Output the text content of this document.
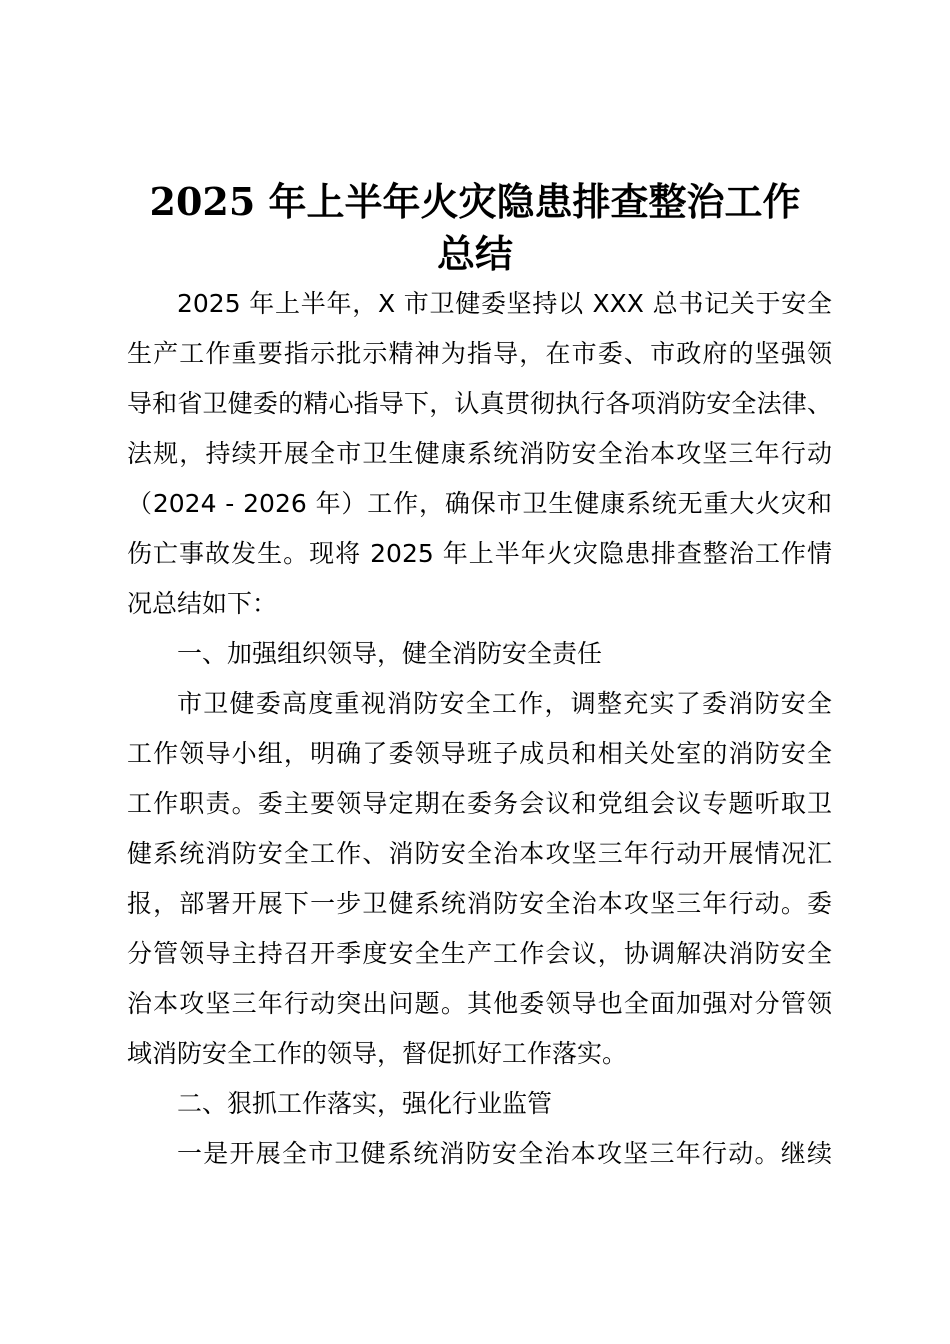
2025 年上半年火灾隐患排查整治工作
总结
2025 年上半年，X 市卫健委坚持以 XXX 总书记关于安全
生产工作重要指示批示精神为指导，在市委、市政府的坚强领
导和省卫健委的精心指导下，认真贯彻执行各项消防安全法律、
法规，持续开展全市卫生健康系统消防安全治本攻坚三年行动
（2024 - 2026 年）工作，确保市卫生健康系统无重大火灾和
伤亡事故发生。现将 2025 年上半年火灾隐患排查整治工作情
况总结如下：
一、加强组织领导，健全消防安全责任
市卫健委高度重视消防安全工作，调整充实了委消防安全
工作领导小组，明确了委领导班子成员和相关处室的消防安全
工作职责。委主要领导定期在委务会议和党组会议专题听取卫
健系统消防安全工作、消防安全治本攻坚三年行动开展情况汇
报，部署开展下一步卫健系统消防安全治本攻坚三年行动。委
分管领导主持召开季度安全生产工作会议，协调解决消防安全
治本攻坚三年行动突出问题。其他委领导也全面加强对分管领
域消防安全工作的领导，督促抓好工作落实。
二、狠抓工作落实，强化行业监管
一是开展全市卫健系统消防安全治本攻坚三年行动。继续
